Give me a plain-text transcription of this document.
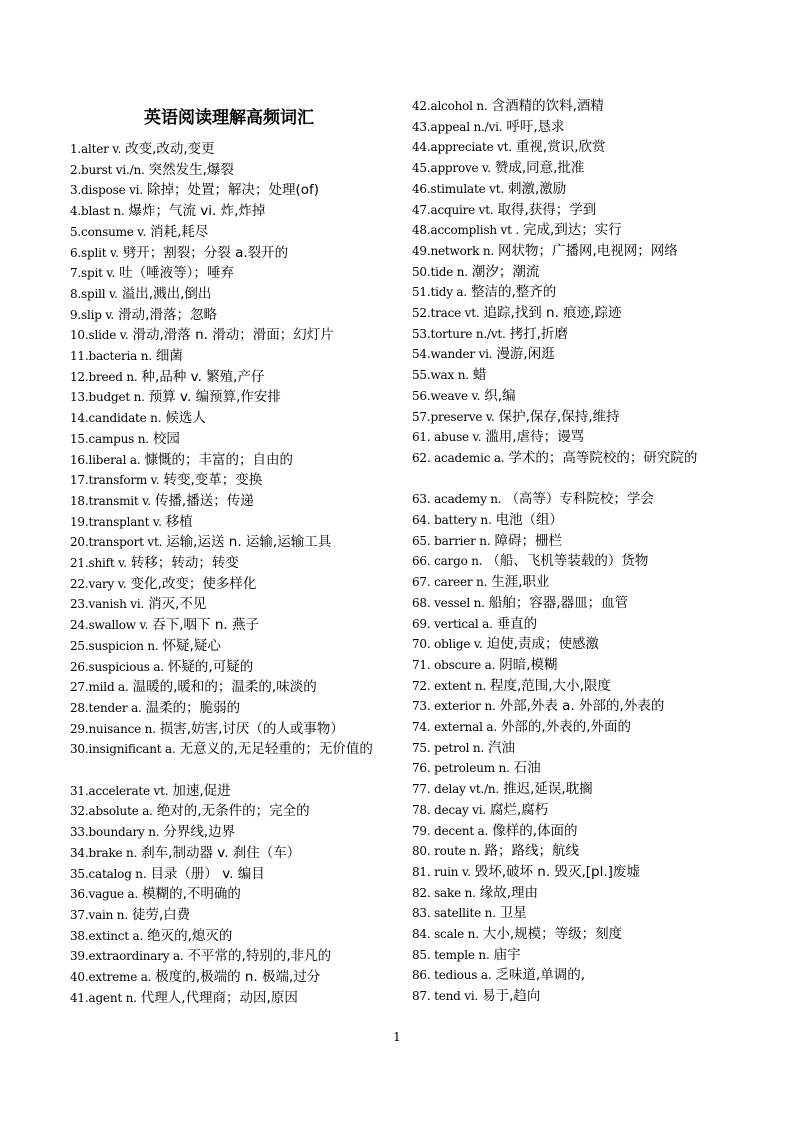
英语阅读理解高频词汇
1.alter v. 改变,改动,变更
2.burst vi./n. 突然发生,爆裂
3.dispose vi. 除掉；处置；解决；处理(of)
4.blast n. 爆炸；气流 vi. 炸,炸掉
5.consume v. 消耗,耗尽
6.split v. 劈开；割裂；分裂 a.裂开的
7.spit v. 吐（唾液等）；唾弃
8.spill v. 溢出,溅出,倒出
9.slip v. 滑动,滑落；忽略
10.slide v. 滑动,滑落 n. 滑动；滑面；幻灯片
11.bacteria n. 细菌
12.breed n. 种,品种 v. 繁殖,产仔
13.budget n. 预算 v. 编预算,作安排
14.candidate n. 候选人
15.campus n. 校园
16.liberal a. 慷慨的；丰富的；自由的
17.transform v. 转变,变革；变换
18.transmit v. 传播,播送；传递
19.transplant v. 移植
20.transport vt. 运输,运送 n. 运输,运输工具
21.shift v. 转移；转动；转变
22.vary v. 变化,改变；使多样化
23.vanish vi. 消灭,不见
24.swallow v. 吞下,咽下 n. 燕子
25.suspicion n. 怀疑,疑心
26.suspicious a. 怀疑的,可疑的
27.mild a. 温暖的,暖和的；温柔的,味淡的
28.tender a. 温柔的；脆弱的
29.nuisance n. 损害,妨害,讨厌（的人或事物）
30.insignificant a. 无意义的,无足轻重的；无价值的
31.accelerate vt. 加速,促进
32.absolute a. 绝对的,无条件的；完全的
33.boundary n. 分界线,边界
34.brake n. 刹车,制动器 v. 刹住（车）
35.catalog n. 目录（册） v. 编目
36.vague a. 模糊的,不明确的
37.vain n. 徒劳,白费
38.extinct a. 绝灭的,熄灭的
39.extraordinary a. 不平常的,特别的,非凡的
40.extreme a. 极度的,极端的 n. 极端,过分
41.agent n. 代理人,代理商；动因,原因
42.alcohol n. 含酒精的饮料,酒精
43.appeal n./vi. 呼吁,恳求
44.appreciate vt. 重视,赏识,欣赏
45.approve v. 赞成,同意,批准
46.stimulate vt. 刺激,激励
47.acquire vt. 取得,获得；学到
48.accomplish vt . 完成,到达；实行
49.network n. 网状物；广播网,电视网；网络
50.tide n. 潮汐；潮流
51.tidy a. 整洁的,整齐的
52.trace vt. 追踪,找到 n. 痕迹,踪迹
53.torture n./vt. 拷打,折磨
54.wander vi. 漫游,闲逛
55.wax n. 蜡
56.weave v. 织,编
57.preserve v. 保护,保存,保持,维持
61. abuse v. 滥用,虐待；谩骂
62. academic a. 学术的；高等院校的；研究院的
63. academy n. （高等）专科院校；学会
64. battery n. 电池（组）
65. barrier n. 障碍；栅栏
66. cargo n. （船、飞机等装载的）货物
67. career n. 生涯,职业
68. vessel n. 船舶；容器,器皿；血管
69. vertical a. 垂直的
70. oblige v. 迫使,责成；使感激
71. obscure a. 阴暗,模糊
72. extent n. 程度,范围,大小,限度
73. exterior n. 外部,外表 a. 外部的,外表的
74. external a. 外部的,外表的,外面的
75. petrol n. 汽油
76. petroleum n. 石油
77. delay vt./n. 推迟,延误,耽搁
78. decay vi. 腐烂,腐朽
79. decent a. 像样的,体面的
80. route n. 路；路线；航线
81. ruin v. 毁坏,破坏 n. 毁灭,[pl.]废墟
82. sake n. 缘故,理由
83. satellite n. 卫星
84. scale n. 大小,规模；等级；刻度
85. temple n. 庙宇
86. tedious a. 乏味道,单调的,
87. tend vi. 易于,趋向
1
